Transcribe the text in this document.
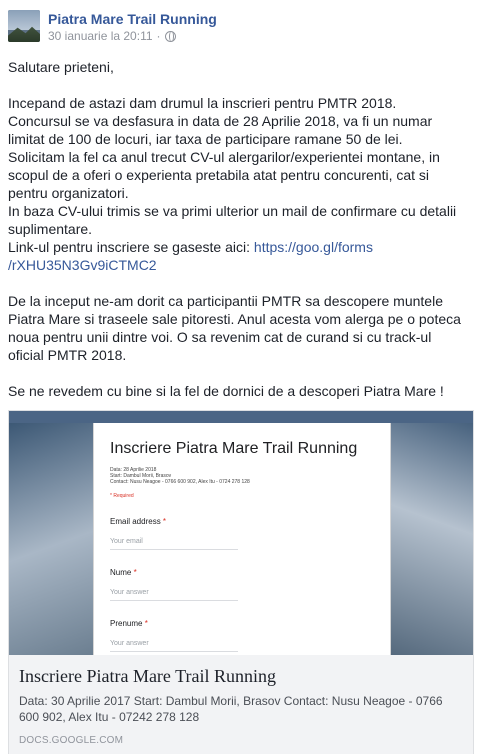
Piatra Mare Trail Running
30 ianuarie la 20:11 ·

Salutare prieteni,

Incepand de astazi dam drumul la inscrieri pentru PMTR 2018.
Concursul se va desfasura in data de 28 Aprilie 2018, va fi un numar
limitat de 100 de locuri, iar taxa de participare ramane 50 de lei.
Solicitam la fel ca anul trecut CV-ul alergarilor/experientei montane, in
scopul de a oferi o experienta pretabila atat pentru concurenti, cat si
pentru organizatori.
In baza CV-ului trimis se va primi ulterior un mail de confirmare cu detalii
suplimentare.
Link-ul pentru inscriere se gaseste aici: https://goo.gl/forms
/rXHU35N3Gv9iCTMC2

De la inceput ne-am dorit ca participantii PMTR sa descopere muntele
Piatra Mare si traseele sale pitoresti. Anul acesta vom alerga pe o poteca
noua pentru unii dintre voi. O sa revenim cat de curand si cu track-ul
oficial PMTR 2018.

Se ne revedem cu bine si la fel de dornici de a descoperi Piatra Mare !

Inscriere Piatra Mare Trail Running
Data: 28 Aprilie 2018
Start: Dambul Morii, Brasov
Contact: Nusu Neagoe - 0766 600 902, Alex Itu - 0724 278 128
* Required
Email address *
Your email
Nume *
Your answer
Prenume *
Your answer
Inscriere Piatra Mare Trail Running
Data: 30 Aprilie 2017 Start: Dambul Morii, Brasov Contact: Nusu Neagoe - 0766 600 902, Alex Itu - 07242 278 128
DOCS.GOOGLE.COM
